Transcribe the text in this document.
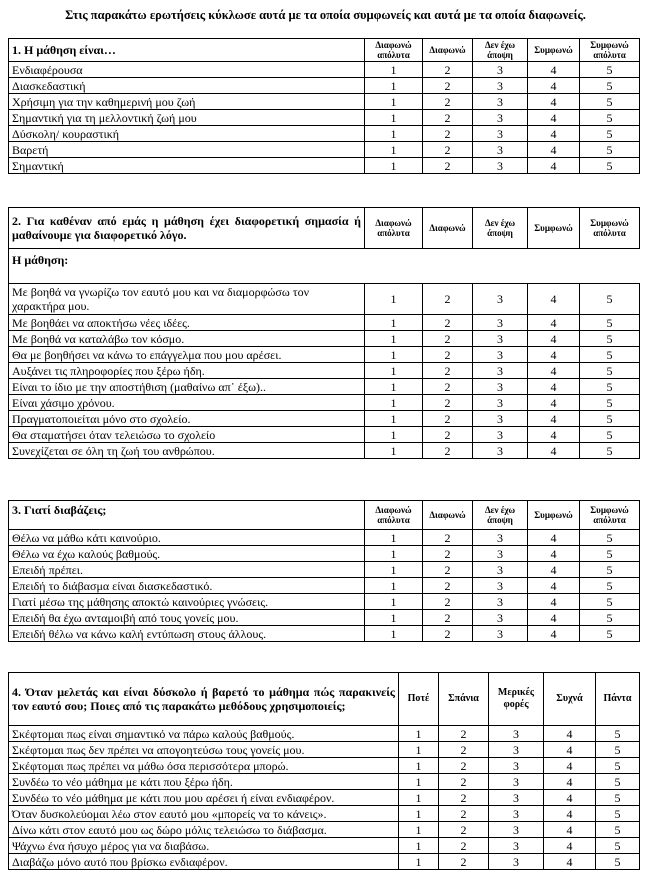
Στις παρακάτω ερωτήσεις κύκλωσε αυτά με τα οποία συμφωνείς και αυτά με τα οποία διαφωνείς.
1. Η μάθηση είναι…	Διαφωνώ απόλυτα	Διαφωνώ	Δεν έχω άποψη	Συμφωνώ	Συμφωνώ απόλυτα
Ενδιαφέρουσα	1	2	3	4	5
Διασκεδαστική	1	2	3	4	5
Χρήσιμη για την καθημερινή μου ζωή	1	2	3	4	5
Σημαντική για τη μελλοντική ζωή μου	1	2	3	4	5
Δύσκολη/ κουραστική	1	2	3	4	5
Βαρετή	1	2	3	4	5
Σημαντική	1	2	3	4	5
2. Για καθέναν από εμάς η μάθηση έχει διαφορετική σημασία ή μαθαίνουμε για διαφορετικό λόγο.	Διαφωνώ απόλυτα	Διαφωνώ	Δεν έχω άποψη	Συμφωνώ	Συμφωνώ απόλυτα
Η μάθηση:					
Με βοηθά να γνωρίζω τον εαυτό μου και να διαμορφώσω τον χαρακτήρα μου.	1	2	3	4	5
Με βοηθάει να αποκτήσω νέες ιδέες.	1	2	3	4	5
Με βοηθά να καταλάβω τον κόσμο.	1	2	3	4	5
Θα με βοηθήσει να κάνω το επάγγελμα που μου αρέσει.	1	2	3	4	5
Αυξάνει τις πληροφορίες που ξέρω ήδη.	1	2	3	4	5
Είναι το ίδιο με την αποστήθιση (μαθαίνω απ᾽ έξω)..	1	2	3	4	5
Είναι χάσιμο χρόνου.	1	2	3	4	5
Πραγματοποιείται μόνο στο σχολείο.	1	2	3	4	5
Θα σταματήσει όταν τελειώσω το σχολείο	1	2	3	4	5
Συνεχίζεται σε όλη τη ζωή του ανθρώπου.	1	2	3	4	5
3. Γιατί διαβάζεις;	Διαφωνώ απόλυτα	Διαφωνώ	Δεν έχω άποψη	Συμφωνώ	Συμφωνώ απόλυτα
Θέλω να μάθω κάτι καινούριο.	1	2	3	4	5
Θέλω να έχω καλούς βαθμούς.	1	2	3	4	5
Επειδή πρέπει.	1	2	3	4	5
Επειδή το διάβασμα είναι διασκεδαστικό.	1	2	3	4	5
Γιατί μέσω της μάθησης αποκτώ καινούριες γνώσεις.	1	2	3	4	5
Επειδή θα έχω ανταμοιβή από τους γονείς μου.	1	2	3	4	5
Επειδή θέλω να κάνω καλή εντύπωση στους άλλους.	1	2	3	4	5
4. Όταν μελετάς και είναι δύσκολο ή βαρετό το μάθημα πώς παρακινείς τον εαυτό σου; Ποιες από τις παρακάτω μεθόδους χρησιμοποιείς;	Ποτέ	Σπάνια	Μερικές φορές	Συχνά	Πάντα
Σκέφτομαι πως είναι σημαντικό να πάρω καλούς βαθμούς.	1	2	3	4	5
Σκέφτομαι πως δεν πρέπει να απογοητεύσω τους γονείς μου.	1	2	3	4	5
Σκέφτομαι πως πρέπει να μάθω όσα περισσότερα μπορώ.	1	2	3	4	5
Συνδέω το νέο μάθημα με κάτι που ξέρω ήδη.	1	2	3	4	5
Συνδέω το νέο μάθημα με κάτι που μου αρέσει ή είναι ενδιαφέρον.	1	2	3	4	5
Όταν δυσκολεύομαι λέω στον εαυτό μου «μπορείς να το κάνεις».	1	2	3	4	5
Δίνω κάτι στον εαυτό μου ως δώρο μόλις τελειώσω το διάβασμα.	1	2	3	4	5
Ψάχνω ένα ήσυχο μέρος για να διαβάσω.	1	2	3	4	5
Διαβάζω μόνο αυτό που βρίσκω ενδιαφέρον.	1	2	3	4	5
